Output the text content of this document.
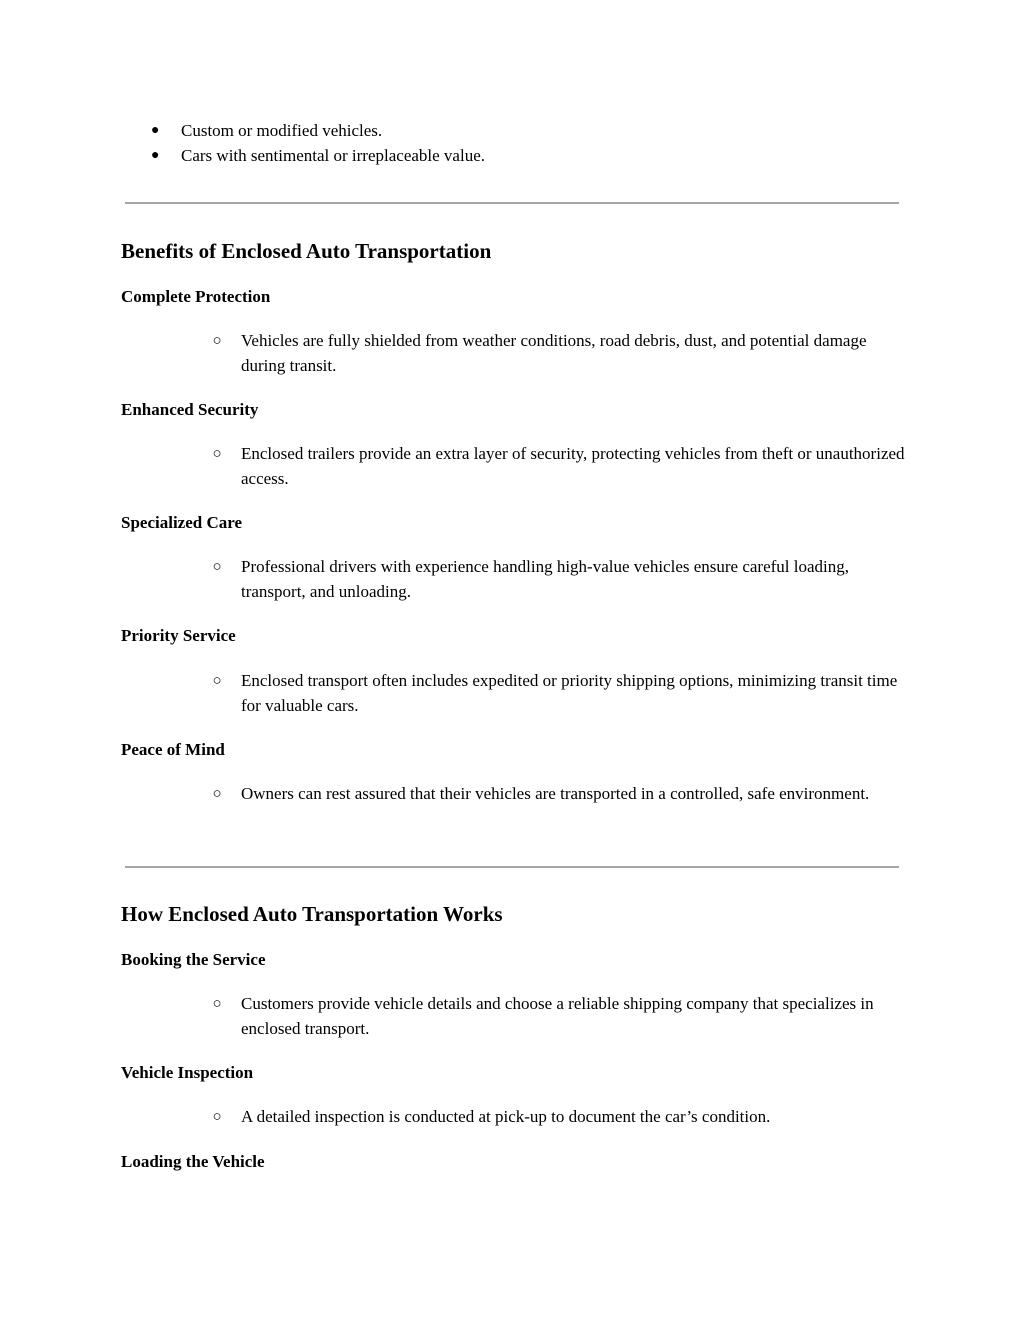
● Custom or modified vehicles.
● Cars with sentimental or irreplaceable value.
Benefits of Enclosed Auto Transportation
Complete Protection
○	Vehicles are fully shielded from weather conditions, road debris, dust, and potential damage during transit.
Enhanced Security
○	Enclosed trailers provide an extra layer of security, protecting vehicles from theft or unauthorized access.
Specialized Care
○	Professional drivers with experience handling high-value vehicles ensure careful loading, transport, and unloading.
Priority Service
○	Enclosed transport often includes expedited or priority shipping options, minimizing transit time for valuable cars.
Peace of Mind
○	Owners can rest assured that their vehicles are transported in a controlled, safe environment.
How Enclosed Auto Transportation Works
Booking the Service
○	Customers provide vehicle details and choose a reliable shipping company that specializes in enclosed transport.
Vehicle Inspection
○	A detailed inspection is conducted at pick-up to document the car’s condition.
Loading the Vehicle
